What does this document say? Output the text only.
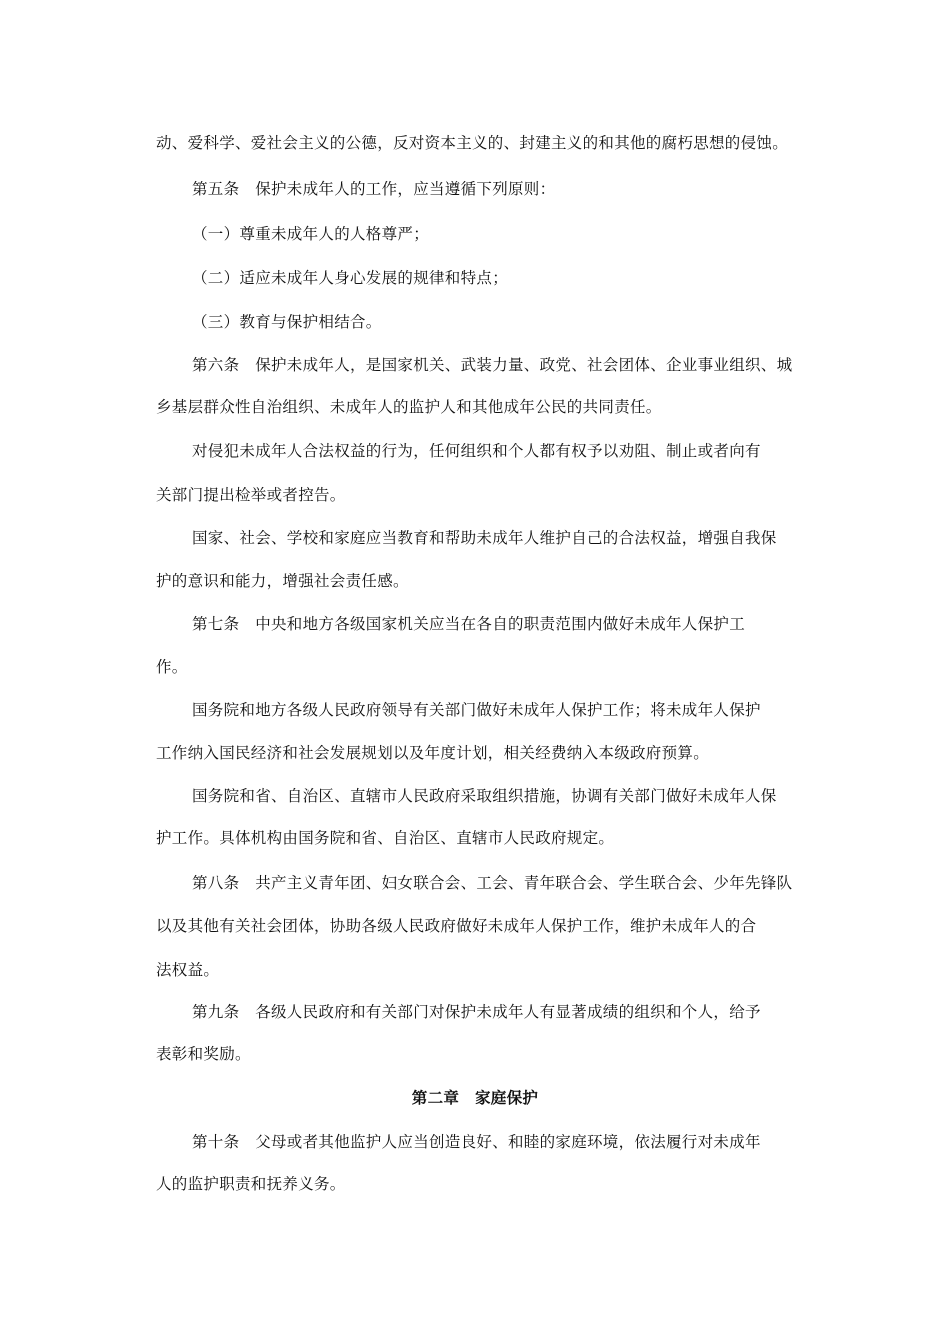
动、爱科学、爱社会主义的公德，反对资本主义的、封建主义的和其他的腐朽思想的侵蚀。
第五条　保护未成年人的工作，应当遵循下列原则：
（一）尊重未成年人的人格尊严；
（二）适应未成年人身心发展的规律和特点；
（三）教育与保护相结合。
第六条　保护未成年人，是国家机关、武装力量、政党、社会团体、企业事业组织、城
乡基层群众性自治组织、未成年人的监护人和其他成年公民的共同责任。
对侵犯未成年人合法权益的行为，任何组织和个人都有权予以劝阻、制止或者向有
关部门提出检举或者控告。
国家、社会、学校和家庭应当教育和帮助未成年人维护自己的合法权益，增强自我保
护的意识和能力，增强社会责任感。
第七条　中央和地方各级国家机关应当在各自的职责范围内做好未成年人保护工
作。
国务院和地方各级人民政府领导有关部门做好未成年人保护工作；将未成年人保护
工作纳入国民经济和社会发展规划以及年度计划，相关经费纳入本级政府预算。
国务院和省、自治区、直辖市人民政府采取组织措施，协调有关部门做好未成年人保
护工作。具体机构由国务院和省、自治区、直辖市人民政府规定。
第八条　共产主义青年团、妇女联合会、工会、青年联合会、学生联合会、少年先锋队
以及其他有关社会团体，协助各级人民政府做好未成年人保护工作，维护未成年人的合
法权益。
第九条　各级人民政府和有关部门对保护未成年人有显著成绩的组织和个人，给予
表彰和奖励。
第二章　家庭保护
第十条　父母或者其他监护人应当创造良好、和睦的家庭环境，依法履行对未成年
人的监护职责和抚养义务。
